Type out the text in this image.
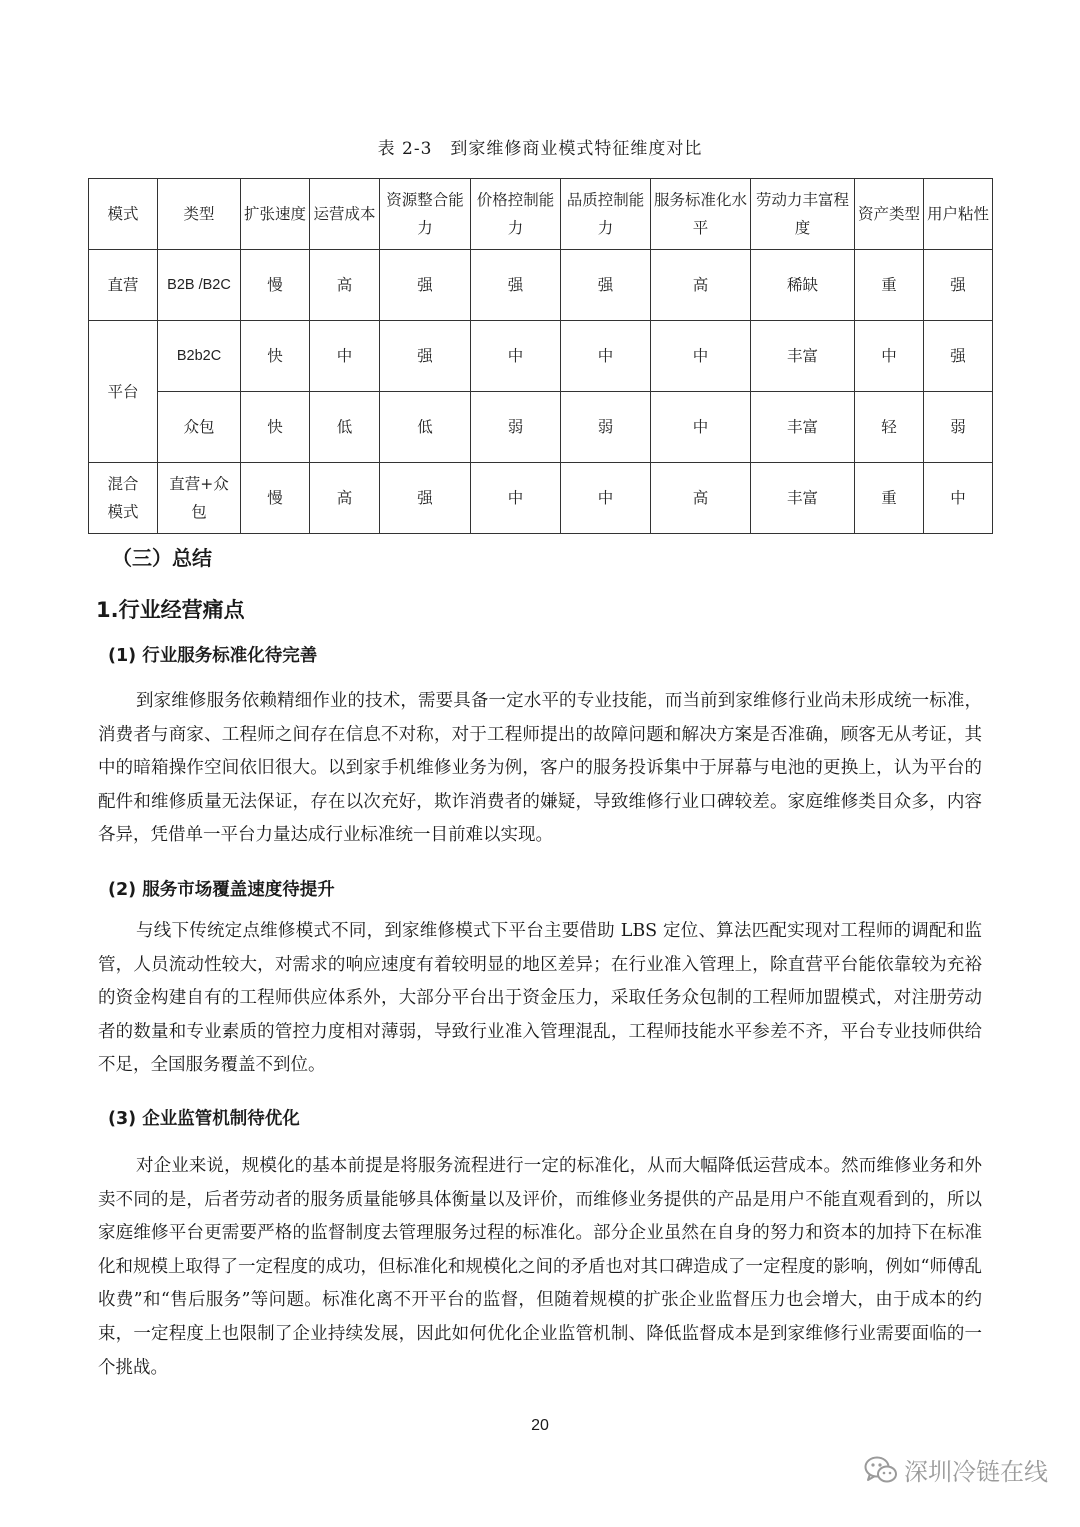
表 2-3　到家维修商业模式特征维度对比
模式	类型	扩张速度	运营成本	资源整合能力	价格控制能力	品质控制能力	服务标准化水平	劳动力丰富程度	资产类型	用户粘性
直营	B2B /B2C	慢	高	强	强	强	高	稀缺	重	强
平台	B2b2C	快	中	强	中	中	中	丰富	中	强
	众包	快	低	低	弱	弱	中	丰富	轻	弱
混合模式	直营+众包	慢	高	强	中	中	高	丰富	重	中
（三）总结
1.行业经营痛点
(1) 行业服务标准化待完善

到家维修服务依赖精细作业的技术，需要具备一定水平的专业技能，而当前到家维修行业尚未形成统一标准，消费者与商家、工程师之间存在信息不对称，对于工程师提出的故障问题和解决方案是否准确，顾客无从考证，其中的暗箱操作空间依旧很大。以到家手机维修业务为例，客户的服务投诉集中于屏幕与电池的更换上，认为平台的配件和维修质量无法保证，存在以次充好，欺诈消费者的嫌疑，导致维修行业口碑较差。家庭维修类目众多，内容各异，凭借单一平台力量达成行业标准统一目前难以实现。

(2) 服务市场覆盖速度待提升

与线下传统定点维修模式不同，到家维修模式下平台主要借助 LBS 定位、算法匹配实现对工程师的调配和监管，人员流动性较大，对需求的响应速度有着较明显的地区差异；在行业准入管理上，除直营平台能依靠较为充裕的资金构建自有的工程师供应体系外，大部分平台出于资金压力，采取任务众包制的工程师加盟模式，对注册劳动者的数量和专业素质的管控力度相对薄弱，导致行业准入管理混乱，工程师技能水平参差不齐，平台专业技师供给不足，全国服务覆盖不到位。

(3) 企业监管机制待优化

对企业来说，规模化的基本前提是将服务流程进行一定的标准化，从而大幅降低运营成本。然而维修业务和外卖不同的是，后者劳动者的服务质量能够具体衡量以及评价，而维修业务提供的产品是用户不能直观看到的，所以家庭维修平台更需要严格的监督制度去管理服务过程的标准化。部分企业虽然在自身的努力和资本的加持下在标准化和规模上取得了一定程度的成功，但标准化和规模化之间的矛盾也对其口碑造成了一定程度的影响，例如“师傅乱收费”和“售后服务”等问题。标准化离不开平台的监督，但随着规模的扩张企业监督压力也会增大，由于成本的约束，一定程度上也限制了企业持续发展，因此如何优化企业监管机制、降低监督成本是到家维修行业需要面临的一个挑战。

20
深圳冷链在线
